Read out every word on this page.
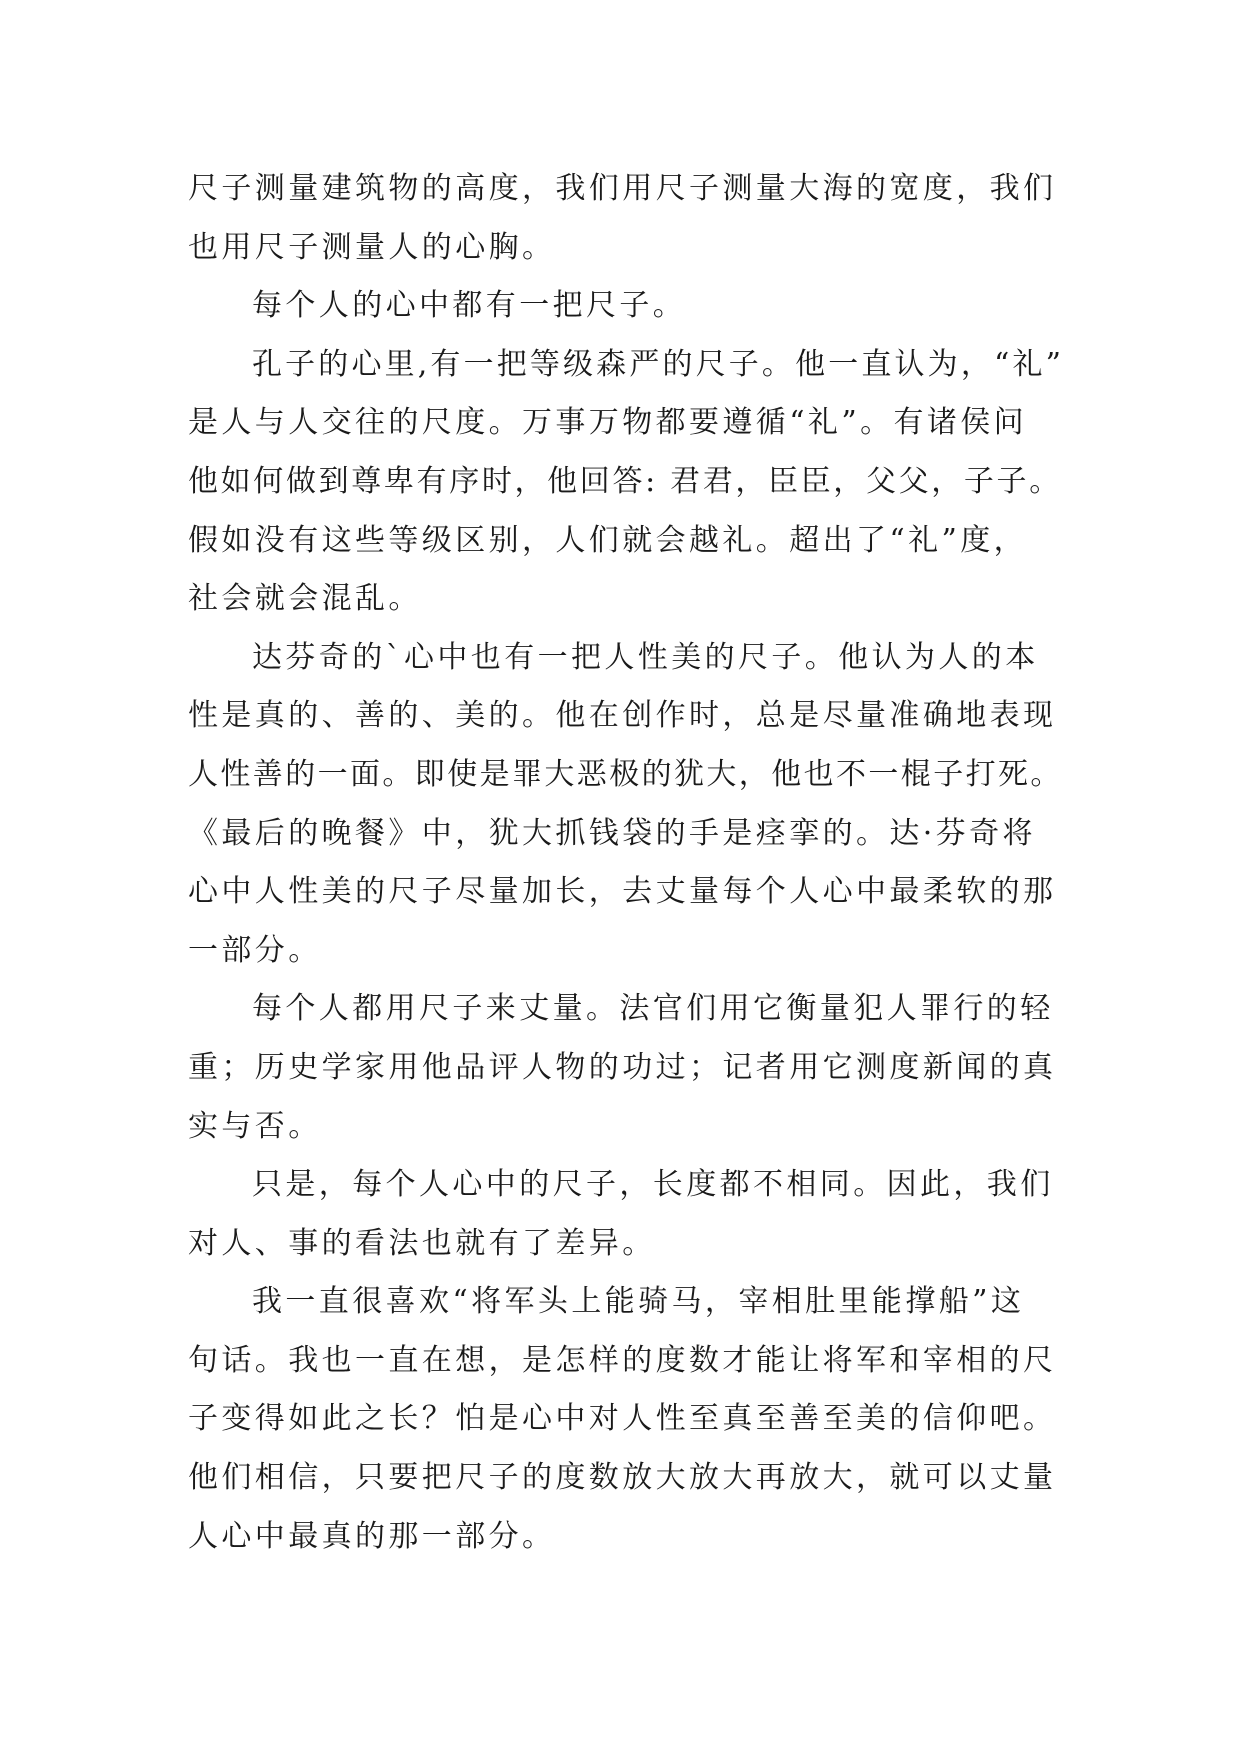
尺子测量建筑物的高度，我们用尺子测量大海的宽度，我们
也用尺子测量人的心胸。
每个人的心中都有一把尺子。
孔子的心里,有一把等级森严的尺子。他一直认为，“礼”
是人与人交往的尺度。万事万物都要遵循“礼”。有诸侯问
他如何做到尊卑有序时，他回答: 君君，臣臣，父父，子子。
假如没有这些等级区别，人们就会越礼。超出了“礼”度，
社会就会混乱。
达芬奇的`心中也有一把人性美的尺子。他认为人的本
性是真的、善的、美的。他在创作时，总是尽量准确地表现
人性善的一面。即使是罪大恶极的犹大，他也不一棍子打死。
《最后的晚餐》中，犹大抓钱袋的手是痉挛的。达·芬奇将
心中人性美的尺子尽量加长，去丈量每个人心中最柔软的那
一部分。
每个人都用尺子来丈量。法官们用它衡量犯人罪行的轻
重；历史学家用他品评人物的功过；记者用它测度新闻的真
实与否。
只是，每个人心中的尺子，长度都不相同。因此，我们
对人、事的看法也就有了差异。
我一直很喜欢“将军头上能骑马，宰相肚里能撑船”这
句话。我也一直在想，是怎样的度数才能让将军和宰相的尺
子变得如此之长？怕是心中对人性至真至善至美的信仰吧。
他们相信，只要把尺子的度数放大放大再放大，就可以丈量
人心中最真的那一部分。
